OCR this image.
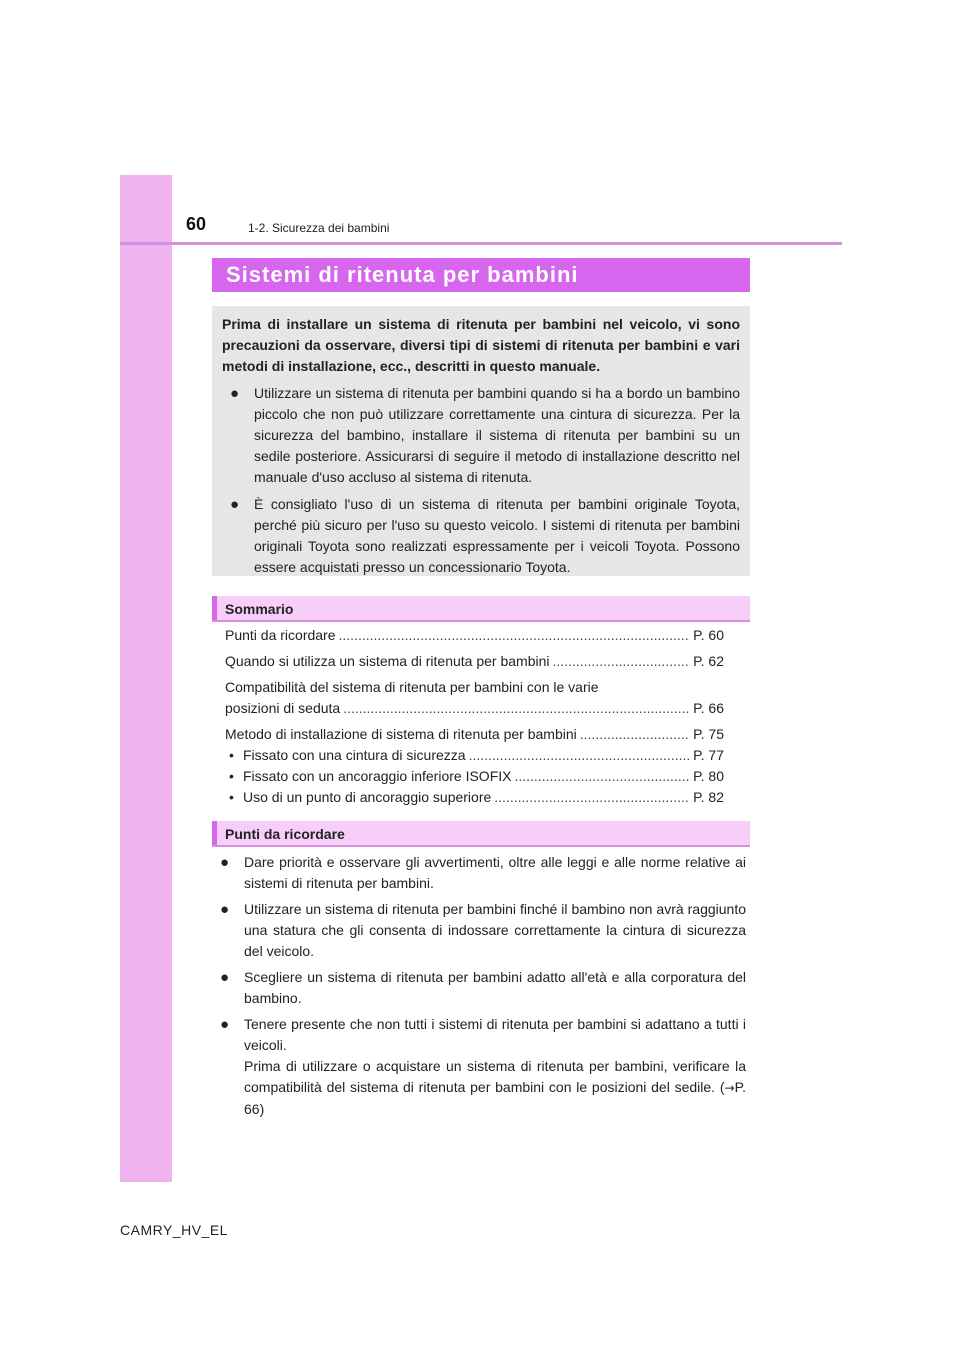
60	1-2. Sicurezza dei bambini
Sistemi di ritenuta per bambini
Prima di installare un sistema di ritenuta per bambini nel veicolo, vi sono precauzioni da osservare, diversi tipi di sistemi di ritenuta per bambini e vari metodi di installazione, ecc., descritti in questo manuale.
● Utilizzare un sistema di ritenuta per bambini quando si ha a bordo un bambino piccolo che non può utilizzare correttamente una cintura di sicurezza. Per la sicurezza del bambino, installare il sistema di ritenuta per bambini su un sedile posteriore. Assicurarsi di seguire il metodo di installazione descritto nel manuale d'uso accluso al sistema di ritenuta.
● È consigliato l'uso di un sistema di ritenuta per bambini originale Toyota, perché più sicuro per l'uso su questo veicolo. I sistemi di ritenuta per bambini originali Toyota sono realizzati espressamente per i veicoli Toyota. Possono essere acquistati presso un concessionario Toyota.
Sommario
Punti da ricordare .....	P. 60
Quando si utilizza un sistema di ritenuta per bambini .....	P. 62
Compatibilità del sistema di ritenuta per bambini con le varie
posizioni di seduta .....	P. 66
Metodo di installazione di sistema di ritenuta per bambini .....	P. 75
• Fissato con una cintura di sicurezza .....	P. 77
• Fissato con un ancoraggio inferiore ISOFIX .....	P. 80
• Uso di un punto di ancoraggio superiore .....	P. 82
Punti da ricordare
● Dare priorità e osservare gli avvertimenti, oltre alle leggi e alle norme relative ai sistemi di ritenuta per bambini.
● Utilizzare un sistema di ritenuta per bambini finché il bambino non avrà raggiunto una statura che gli consenta di indossare correttamente la cintura di sicurezza del veicolo.
● Scegliere un sistema di ritenuta per bambini adatto all'età e alla corporatura del bambino.
● Tenere presente che non tutti i sistemi di ritenuta per bambini si adattano a tutti i veicoli.
Prima di utilizzare o acquistare un sistema di ritenuta per bambini, verificare la compatibilità del sistema di ritenuta per bambini con le posizioni del sedile. (→P. 66)
CAMRY_HV_EL
